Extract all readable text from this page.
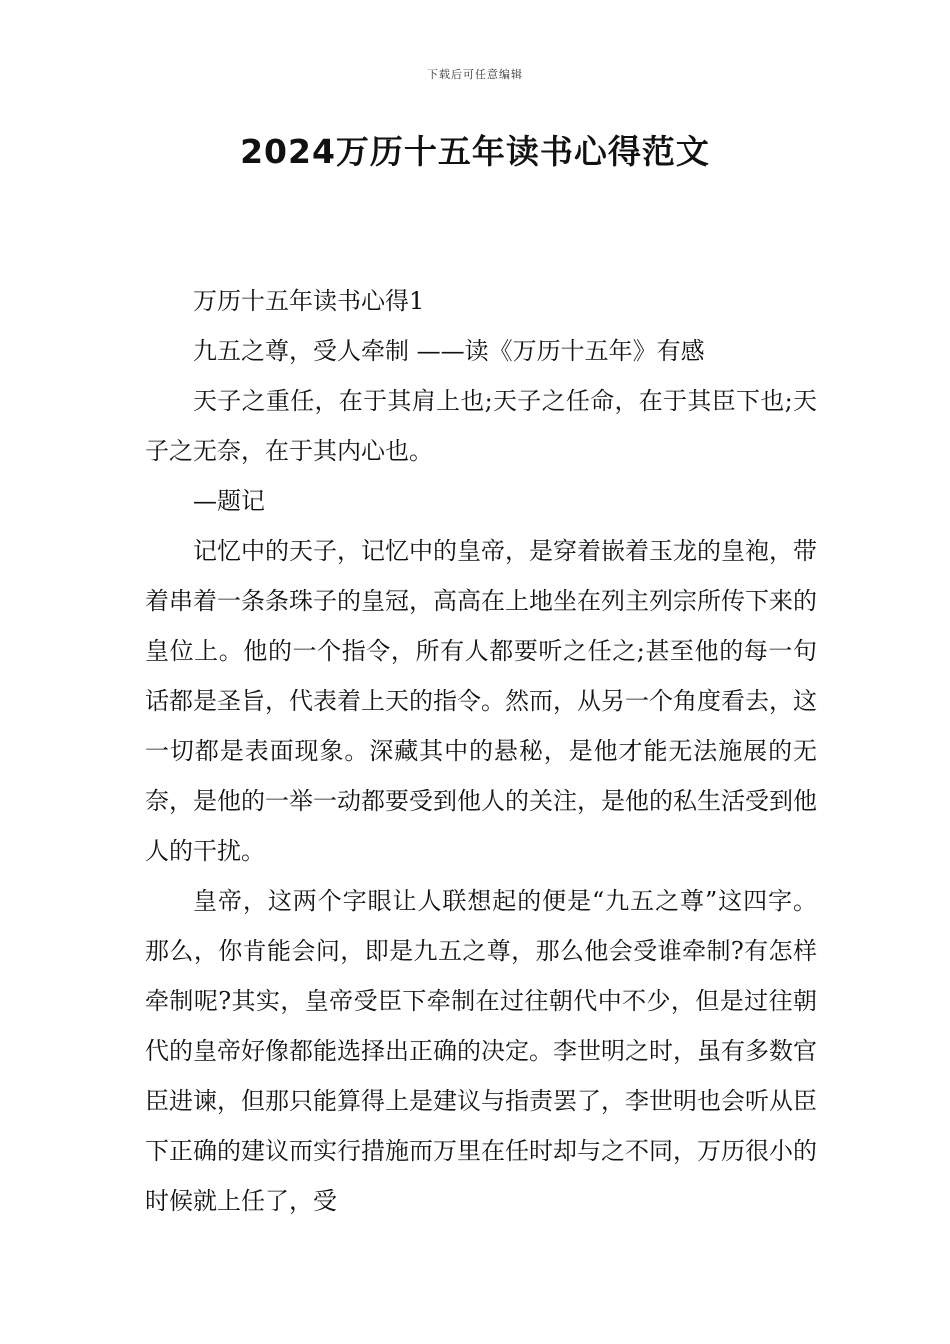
下载后可任意编辑
2024万历十五年读书心得范文

万历十五年读书心得1

九五之尊，受人牵制 ——读《万历十五年》有感

天子之重任，在于其肩上也;天子之任命，在于其臣下也;天子之无奈，在于其内心也。

—题记

记忆中的天子，记忆中的皇帝，是穿着嵌着玉龙的皇袍，带着串着一条条珠子的皇冠，高高在上地坐在列主列宗所传下来的皇位上。他的一个指令，所有人都要听之任之;甚至他的每一句话都是圣旨，代表着上天的指令。然而，从另一个角度看去，这一切都是表面现象。深藏其中的悬秘，是他才能无法施展的无奈，是他的一举一动都要受到他人的关注，是他的私生活受到他人的干扰。

皇帝，这两个字眼让人联想起的便是“九五之尊”这四字。那么，你肯能会问，即是九五之尊，那么他会受谁牵制?有怎样牵制呢?其实，皇帝受臣下牵制在过往朝代中不少，但是过往朝代的皇帝好像都能选择出正确的决定。李世明之时，虽有多数官臣进谏，但那只能算得上是建议与指责罢了，李世明也会听从臣下正确的建议而实行措施而万里在任时却与之不同，万历很小的时候就上任了，受
